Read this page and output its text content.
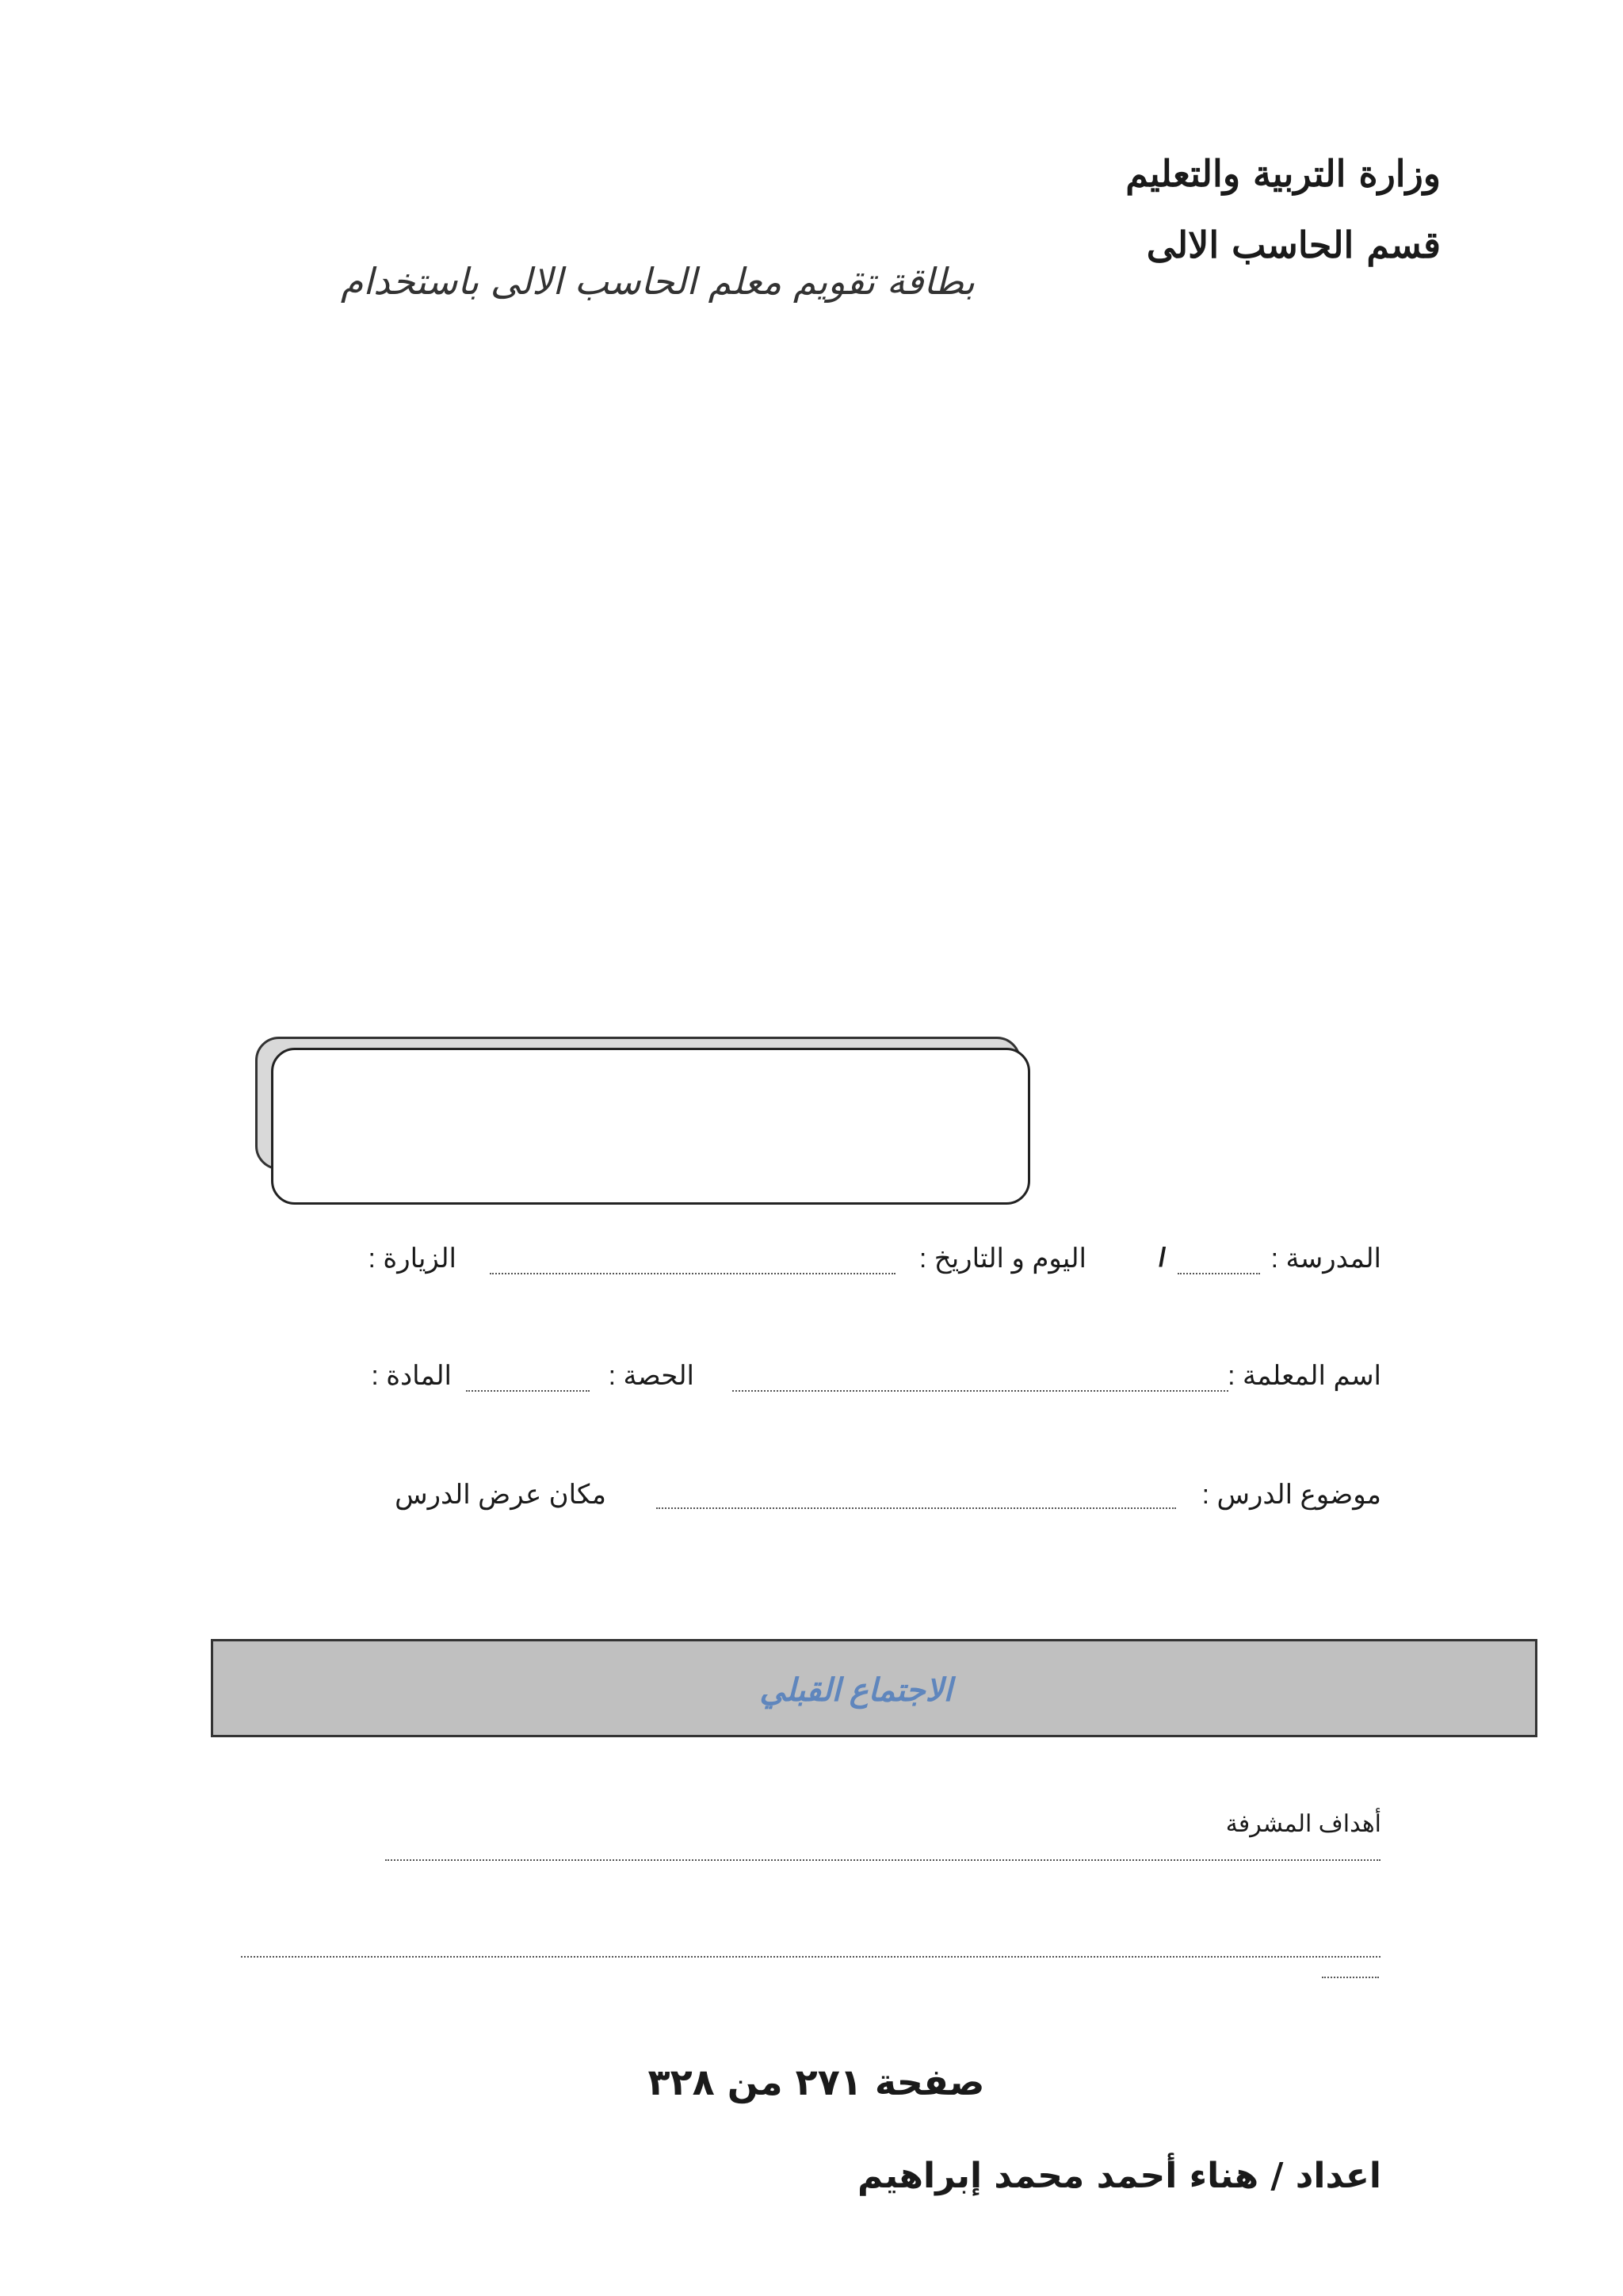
وزارة التربية والتعليم
قسم الحاسب الالى
بطاقة تقويم معلم الحاسب الالى باستخدام
المدرسة :
/
اليوم و التاريخ :
الزيارة :
اسم المعلمة :
الحصة :
المادة :
موضوع الدرس :
مكان عرض الدرس
الاجتماع القبلي
أهداف المشرفة
صفحة ٢٧١ من ٣٢٨
اعداد / هناء أحمد محمد إبراهيم
